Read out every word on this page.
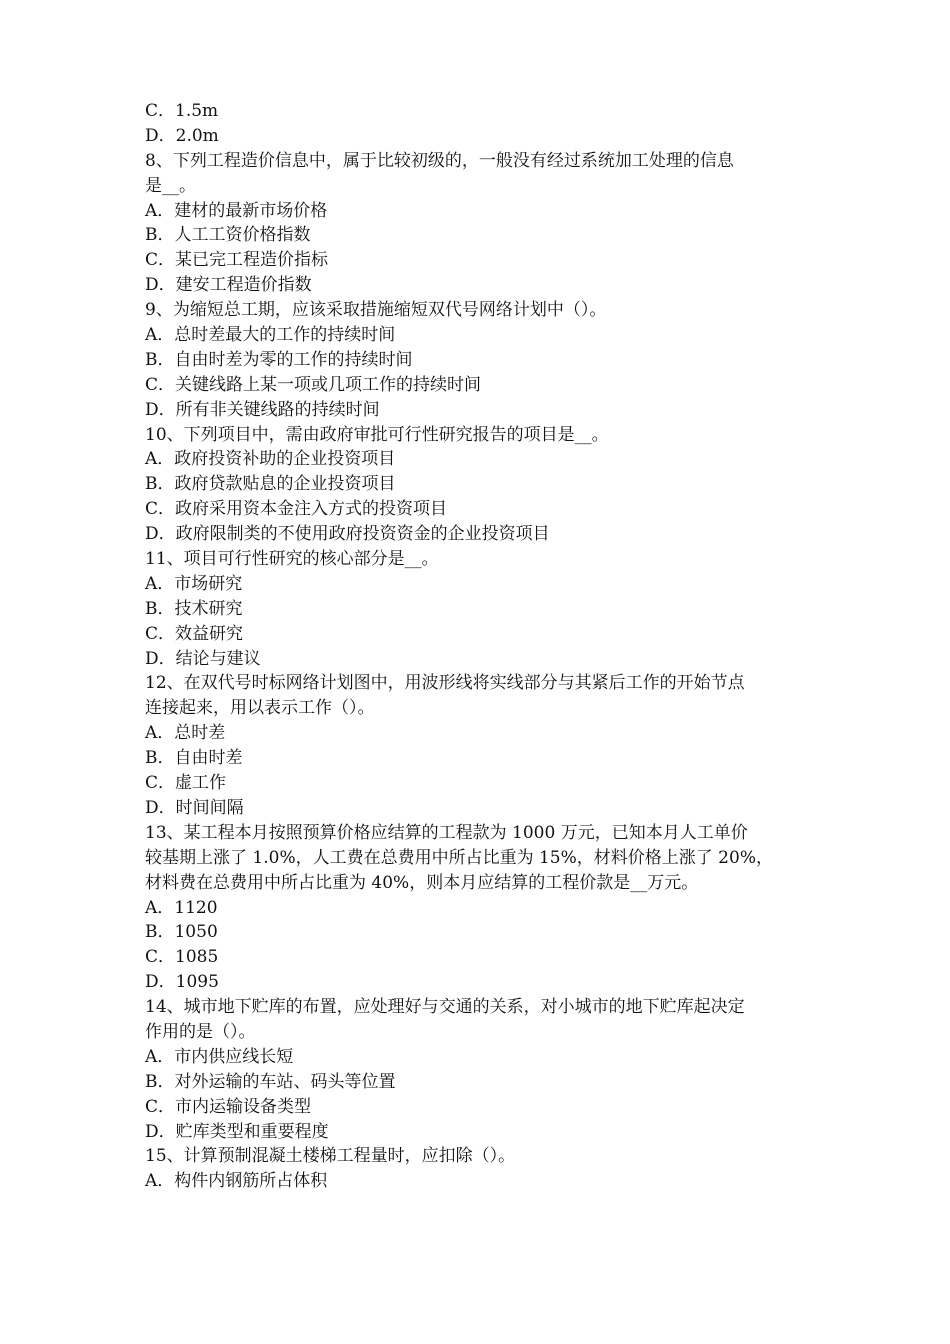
C．1.5m
D．2.0m
8、下列工程造价信息中，属于比较初级的，一般没有经过系统加工处理的信息
是__。
A．建材的最新市场价格
B．人工工资价格指数
C．某已完工程造价指标
D．建安工程造价指数
9、为缩短总工期，应该采取措施缩短双代号网络计划中（）。
A．总时差最大的工作的持续时间
B．自由时差为零的工作的持续时间
C．关键线路上某一项或几项工作的持续时间
D．所有非关键线路的持续时间
10、下列项目中，需由政府审批可行性研究报告的项目是__。
A．政府投资补助的企业投资项目
B．政府贷款贴息的企业投资项目
C．政府采用资本金注入方式的投资项目
D．政府限制类的不使用政府投资资金的企业投资项目
11、项目可行性研究的核心部分是__。
A．市场研究
B．技术研究
C．效益研究
D．结论与建议
12、在双代号时标网络计划图中，用波形线将实线部分与其紧后工作的开始节点
连接起来，用以表示工作（）。
A．总时差
B．自由时差
C．虚工作
D．时间间隔
13、某工程本月按照预算价格应结算的工程款为 1000 万元，已知本月人工单价
较基期上涨了 1.0%，人工费在总费用中所占比重为 15%，材料价格上涨了 20%，
材料费在总费用中所占比重为 40%，则本月应结算的工程价款是__万元。
A．1120
B．1050
C．1085
D．1095
14、城市地下贮库的布置，应处理好与交通的关系，对小城市的地下贮库起决定
作用的是（）。
A．市内供应线长短
B．对外运输的车站、码头等位置
C．市内运输设备类型
D．贮库类型和重要程度
15、计算预制混凝土楼梯工程量时，应扣除（）。
A．构件内钢筋所占体积
